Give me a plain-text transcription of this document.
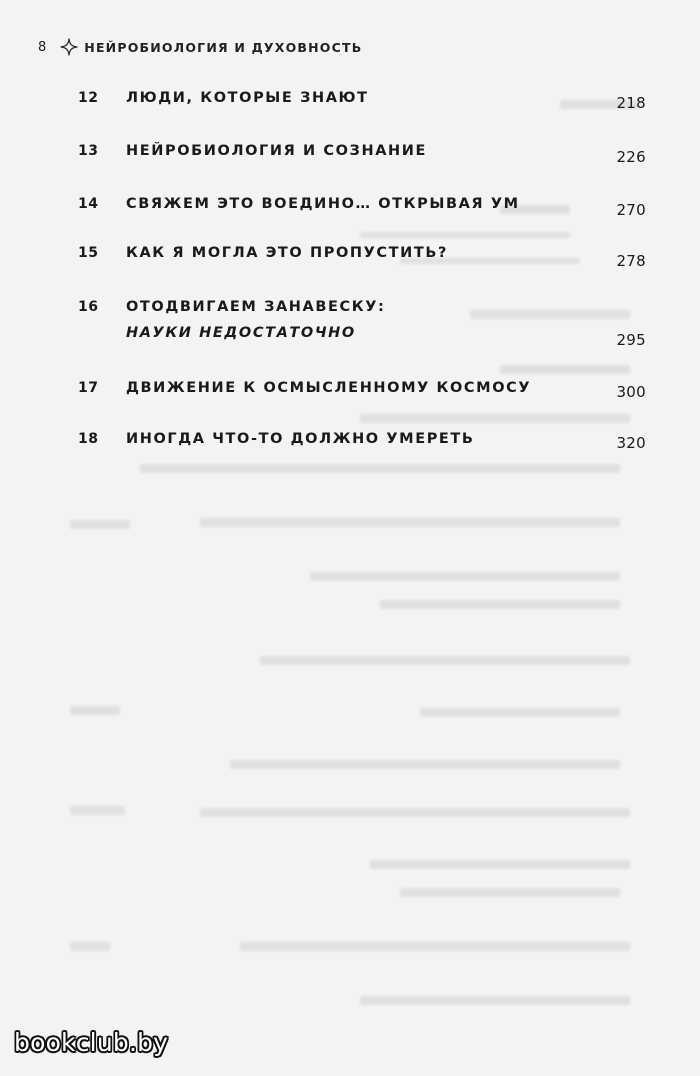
8	НЕЙРОБИОЛОГИЯ И ДУХОВНОСТЬ
12 ЛЮДИ, КОТОРЫЕ ЗНАЮТ	218
13 НЕЙРОБИОЛОГИЯ И СОЗНАНИЕ	226
14 СВЯЖЕМ ЭТО ВОЕДИНО… ОТКРЫВАЯ УМ	270
15 КАК Я МОГЛА ЭТО ПРОПУСТИТЬ?	278
16 ОТОДВИГАЕМ ЗАНАВЕСКУ:
НАУКИ НЕДОСТАТОЧНО	295
17 ДВИЖЕНИЕ К ОСМЫСЛЕННОМУ КОСМОСУ	300
18 ИНОГДА ЧТО-ТО ДОЛЖНО УМЕРЕТЬ	320
bookclub.by
